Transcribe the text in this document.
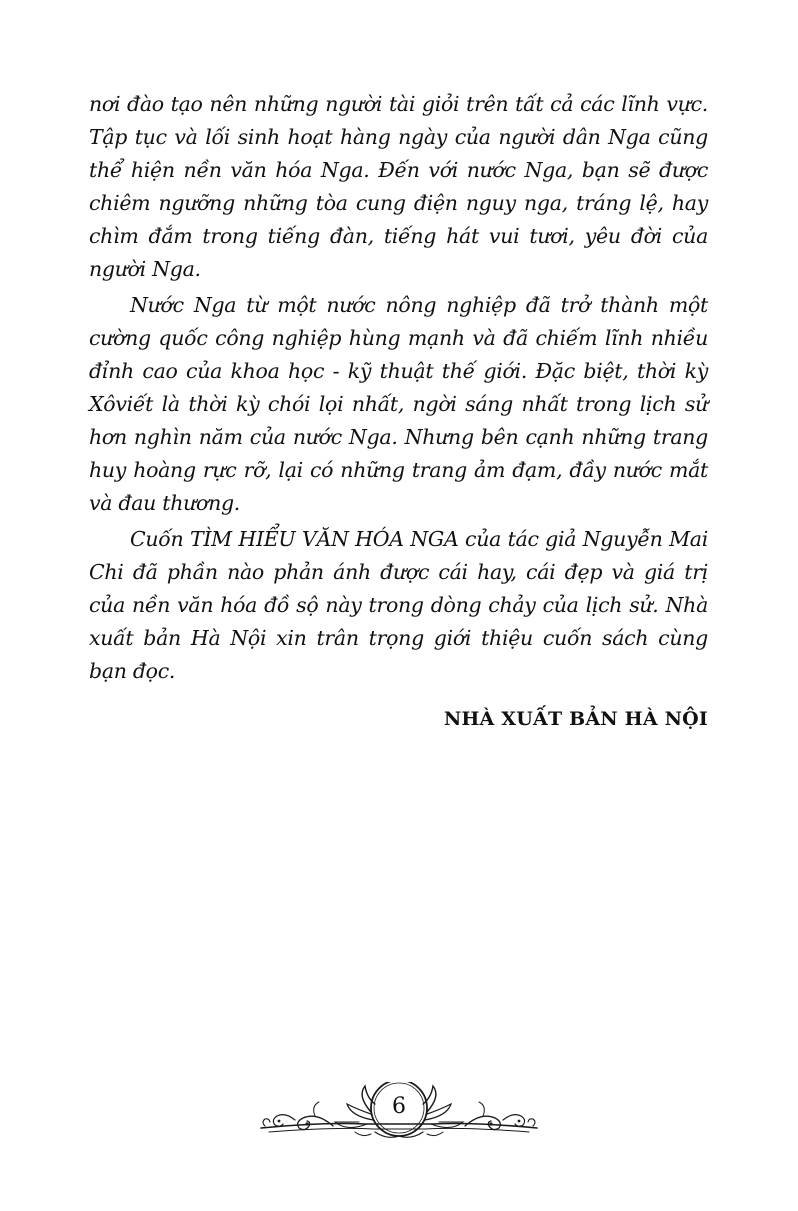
nơi đào tạo nên những người tài giỏi trên tất cả các lĩnh vực. Tập tục và lối sinh hoạt hàng ngày của người dân Nga cũng thể hiện nền văn hóa Nga. Đến với nước Nga, bạn sẽ được chiêm ngưỡng những tòa cung điện nguy nga, tráng lệ, hay chìm đắm trong tiếng đàn, tiếng hát vui tươi, yêu đời của người Nga.

Nước Nga từ một nước nông nghiệp đã trở thành một cường quốc công nghiệp hùng mạnh và đã chiếm lĩnh nhiều đỉnh cao của khoa học - kỹ thuật thế giới. Đặc biệt, thời kỳ Xôviết là thời kỳ chói lọi nhất, ngời sáng nhất trong lịch sử hơn nghìn năm của nước Nga. Nhưng bên cạnh những trang huy hoàng rực rỡ, lại có những trang ảm đạm, đầy nước mắt và đau thương.

Cuốn TÌM HIỂU VĂN HÓA NGA của tác giả Nguyễn Mai Chi đã phần nào phản ánh được cái hay, cái đẹp và giá trị của nền văn hóa đồ sộ này trong dòng chảy của lịch sử. Nhà xuất bản Hà Nội xin trân trọng giới thiệu cuốn sách cùng bạn đọc.

NHÀ XUẤT BẢN HÀ NỘI
6
